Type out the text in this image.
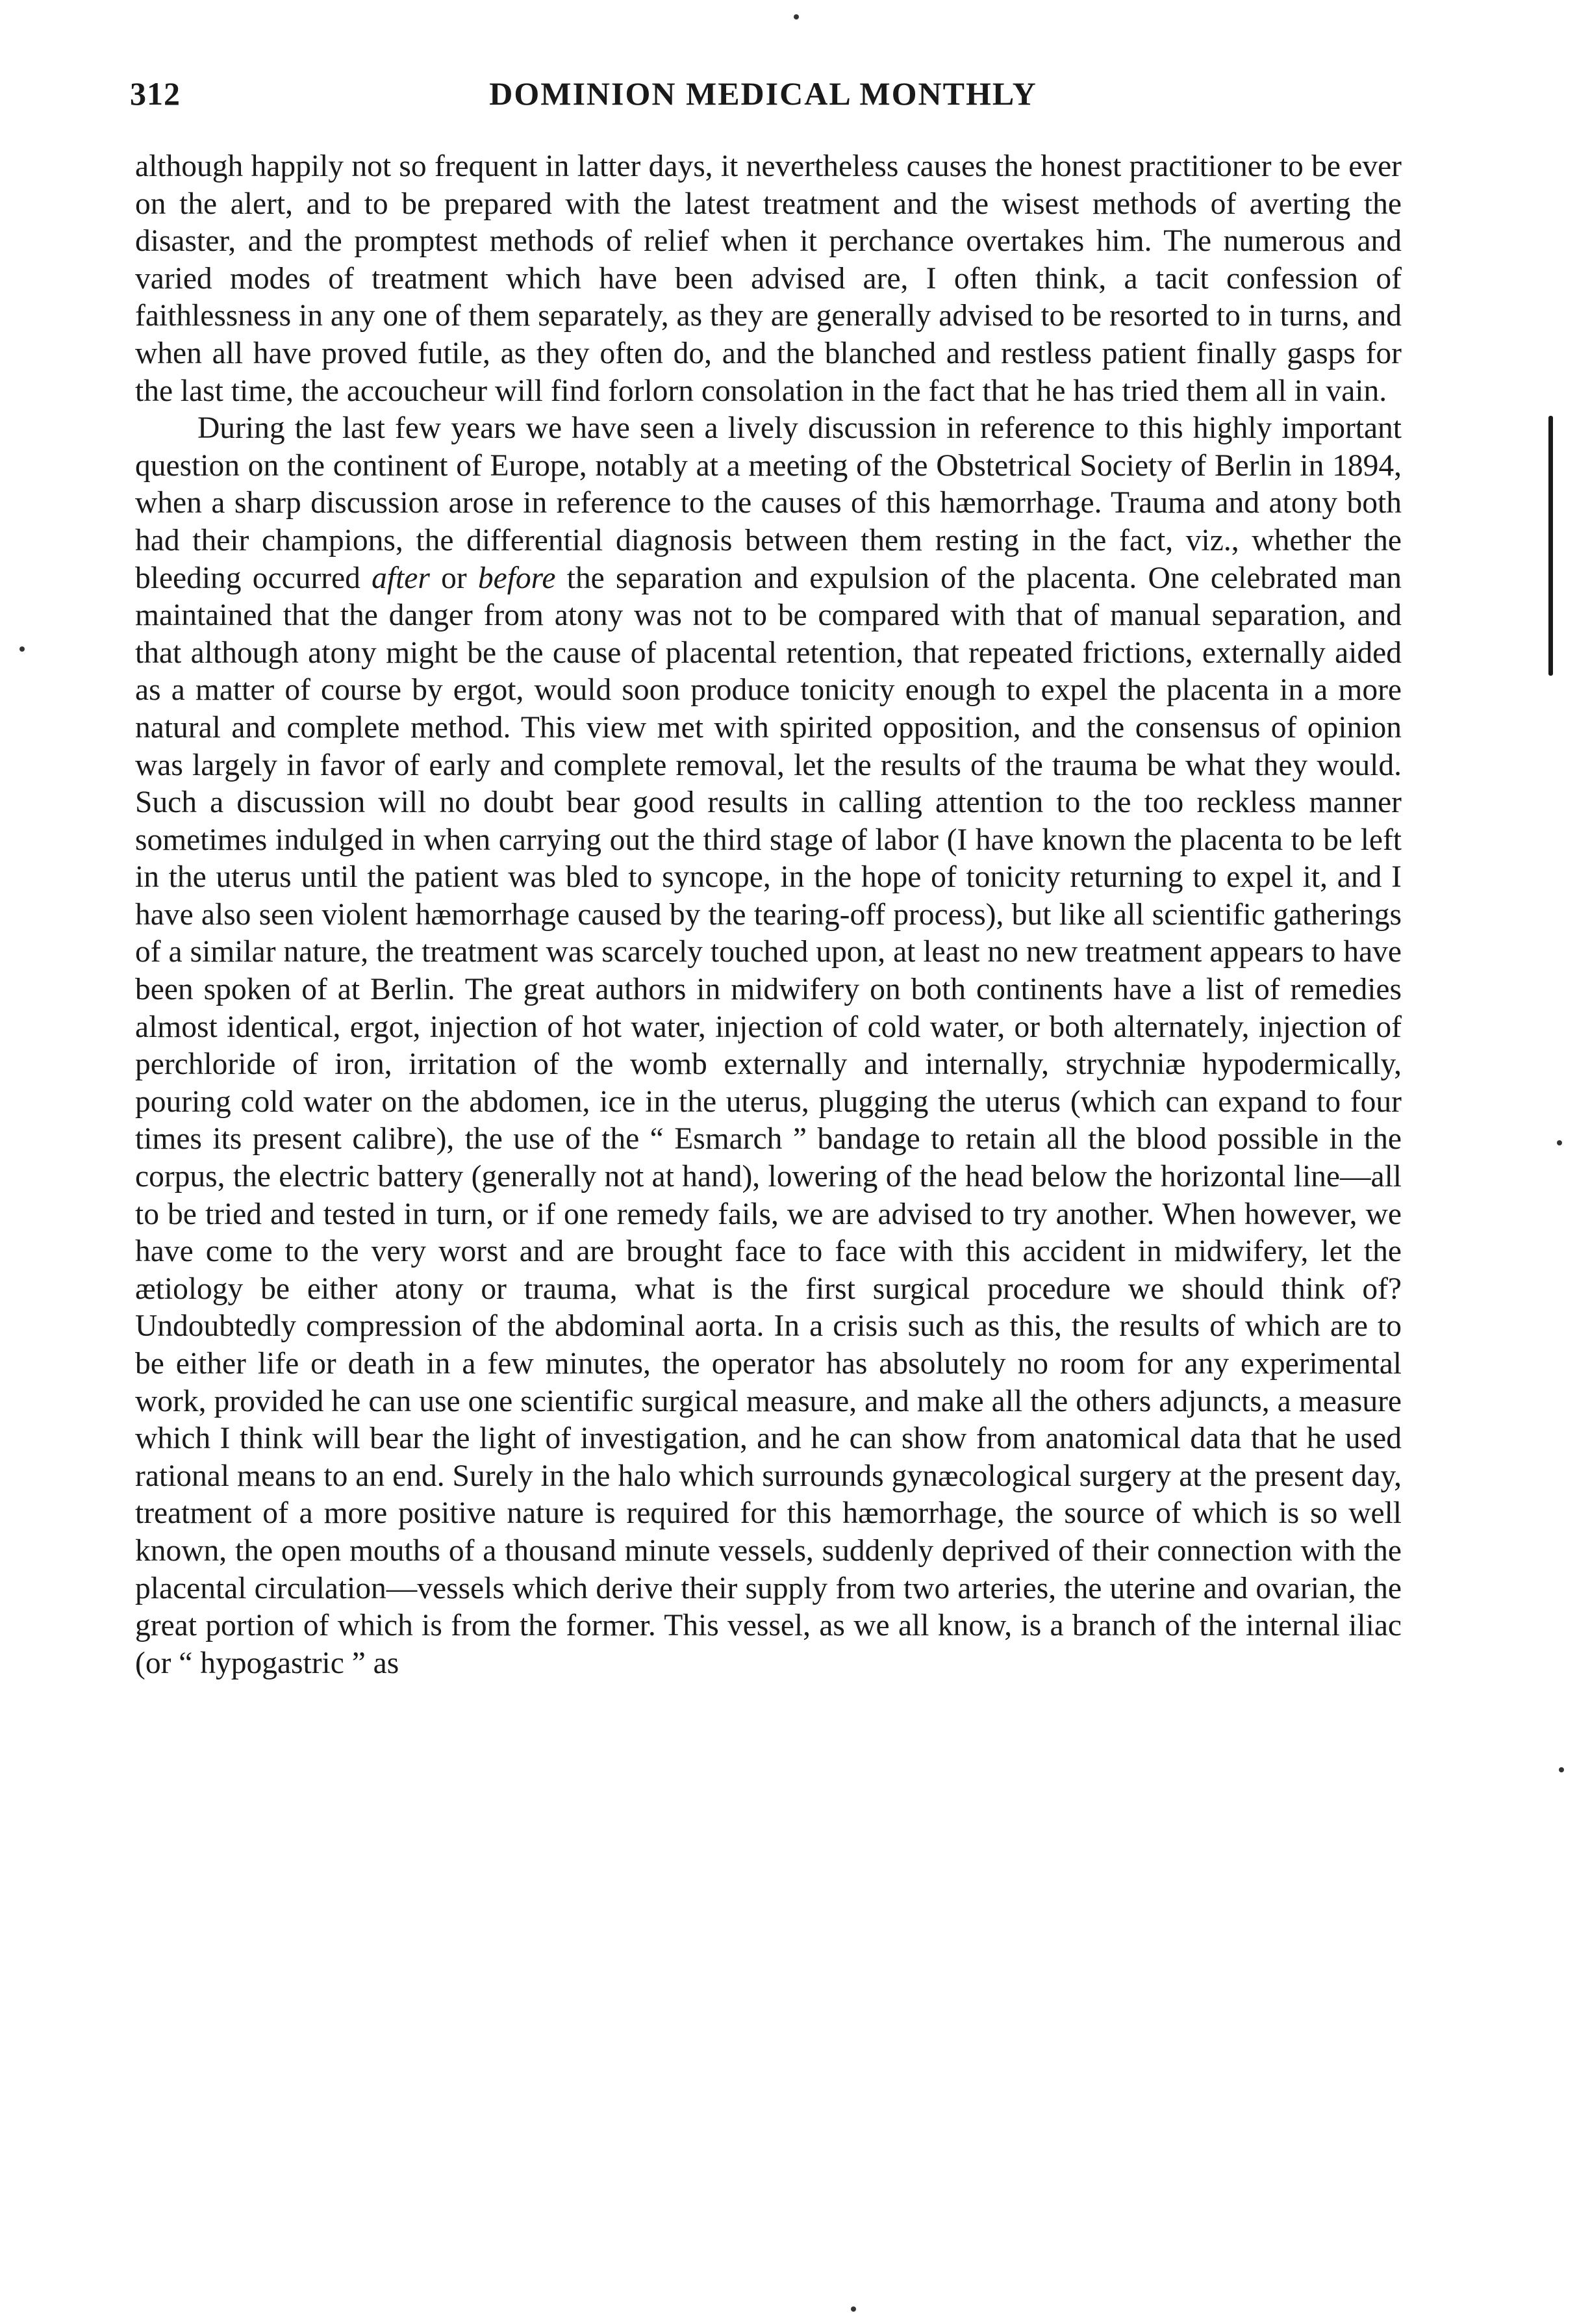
312	DOMINION MEDICAL MONTHLY

although happily not so frequent in latter days, it nevertheless causes the honest practitioner to be ever on the alert, and to be prepared with the latest treatment and the wisest methods of averting the disaster, and the promptest methods of relief when it perchance overtakes him. The numerous and varied modes of treatment which have been advised are, I often think, a tacit confession of faithlessness in any one of them separately, as they are generally advised to be resorted to in turns, and when all have proved futile, as they often do, and the blanched and restless patient finally gasps for the last time, the accoucheur will find forlorn consolation in the fact that he has tried them all in vain.

During the last few years we have seen a lively discussion in reference to this highly important question on the continent of Europe, notably at a meeting of the Obstetrical Society of Berlin in 1894, when a sharp discussion arose in reference to the causes of this hæmorrhage. Trauma and atony both had their champions, the differential diagnosis between them resting in the fact, viz., whether the bleeding occurred after or before the separation and expulsion of the placenta. One celebrated man maintained that the danger from atony was not to be compared with that of manual separation, and that although atony might be the cause of placental retention, that repeated frictions, externally aided as a matter of course by ergot, would soon produce tonicity enough to expel the placenta in a more natural and complete method. This view met with spirited opposition, and the consensus of opinion was largely in favor of early and complete removal, let the results of the trauma be what they would. Such a discussion will no doubt bear good results in calling attention to the too reckless manner sometimes indulged in when carrying out the third stage of labor (I have known the placenta to be left in the uterus until the patient was bled to syncope, in the hope of tonicity returning to expel it, and I have also seen violent hæmorrhage caused by the tearing-off process), but like all scientific gatherings of a similar nature, the treatment was scarcely touched upon, at least no new treatment appears to have been spoken of at Berlin. The great authors in midwifery on both continents have a list of remedies almost identical, ergot, injection of hot water, injection of cold water, or both alternately, injection of perchloride of iron, irritation of the womb externally and internally, strychniæ hypodermically, pouring cold water on the abdomen, ice in the uterus, plugging the uterus (which can expand to four times its present calibre), the use of the “ Esmarch ” bandage to retain all the blood possible in the corpus, the electric battery (generally not at hand), lowering of the head below the horizontal line—all to be tried and tested in turn, or if one remedy fails, we are advised to try another. When however, we have come to the very worst and are brought face to face with this accident in midwifery, let the ætiology be either atony or trauma, what is the first surgical procedure we should think of? Undoubtedly compression of the abdominal aorta. In a crisis such as this, the results of which are to be either life or death in a few minutes, the operator has absolutely no room for any experimental work, provided he can use one scientific surgical measure, and make all the others adjuncts, a measure which I think will bear the light of investigation, and he can show from anatomical data that he used rational means to an end. Surely in the halo which surrounds gynæcological surgery at the present day, treatment of a more positive nature is required for this hæmorrhage, the source of which is so well known, the open mouths of a thousand minute vessels, suddenly deprived of their connection with the placental circulation—vessels which derive their supply from two arteries, the uterine and ovarian, the great portion of which is from the former. This vessel, as we all know, is a branch of the internal iliac (or “ hypogastric ” as
